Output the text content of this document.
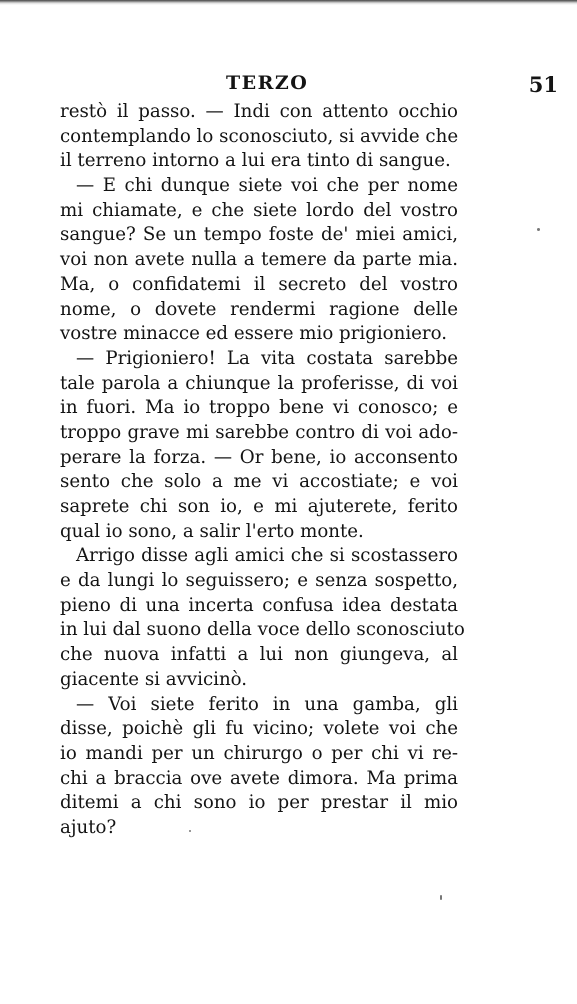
TERZO	51
restò il passo. — Indi con attento occhio
contemplando lo sconosciuto, si avvide che
il terreno intorno a lui era tinto di sangue.
— E chi dunque siete voi che per nome
mi chiamate, e che siete lordo del vostro
sangue? Se un tempo foste de' miei amici,
voi non avete nulla a temere da parte mia.
Ma, o confidatemi il secreto del vostro
nome, o dovete rendermi ragione delle
vostre minacce ed essere mio prigioniero.
— Prigioniero! La vita costata sarebbe
tale parola a chiunque la proferisse, di voi
in fuori. Ma io troppo bene vi conosco; e
troppo grave mi sarebbe contro di voi ado-
perare la forza. — Or bene, io acconsento
sento che solo a me vi accostiate; e voi
saprete chi son io, e mi ajuterete, ferito
qual io sono, a salir l'erto monte.
Arrigo disse agli amici che si scostassero
e da lungi lo seguissero; e senza sospetto,
pieno di una incerta confusa idea destata
in lui dal suono della voce dello sconosciuto
che nuova infatti a lui non giungeva, al
giacente si avvicinò.
— Voi siete ferito in una gamba, gli
disse, poichè gli fu vicino; volete voi che
io mandi per un chirurgo o per chi vi re-
chi a braccia ove avete dimora. Ma prima
ditemi a chi sono io per prestar il mio
ajuto?
